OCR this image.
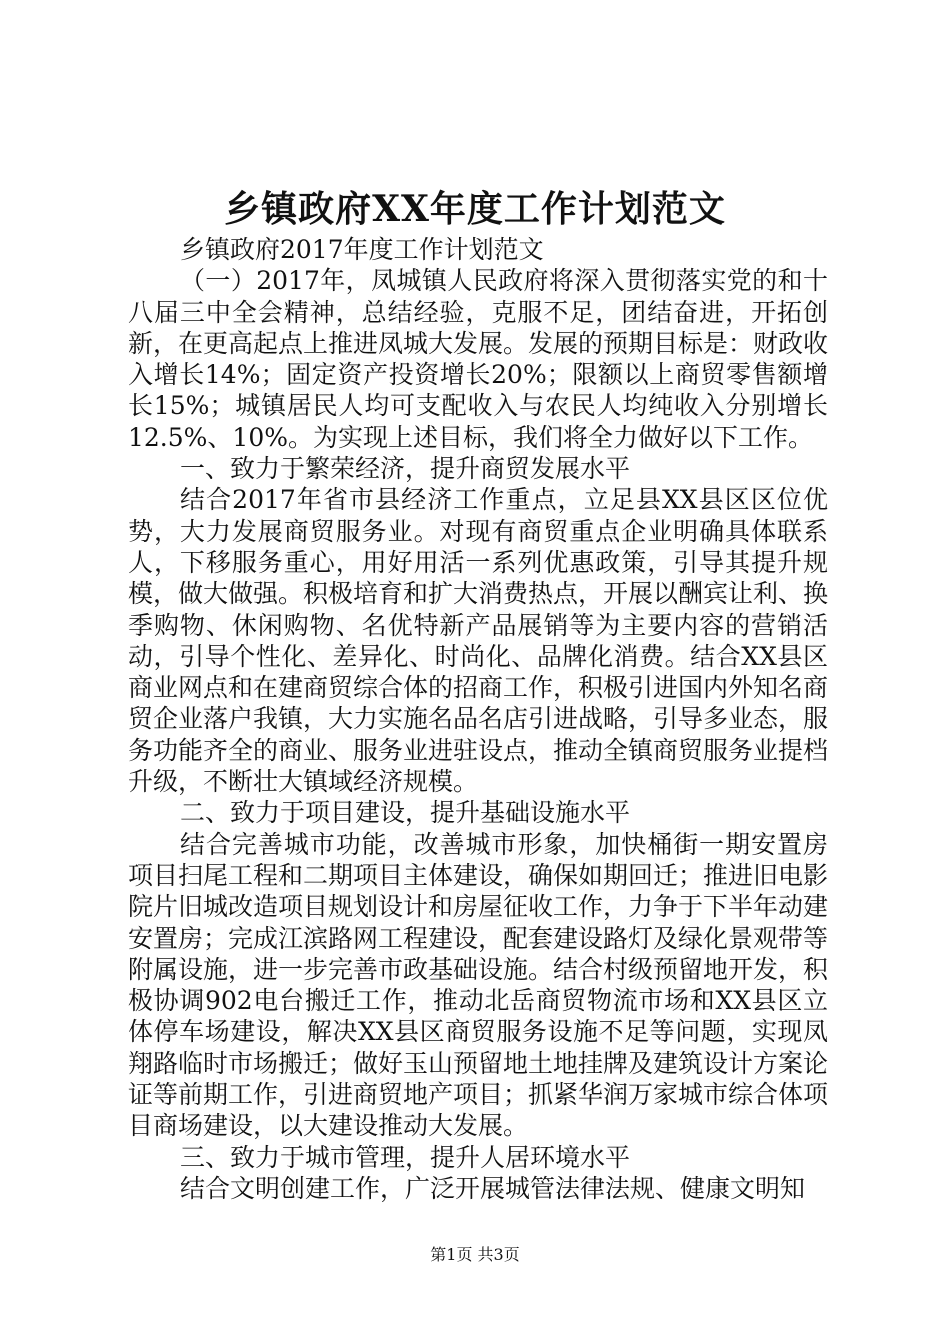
乡镇政府XX年度工作计划范文

乡镇政府2017年度工作计划范文

（一）2017年，凤城镇人民政府将深入贯彻落实党的和十八届三中全会精神，总结经验，克服不足，团结奋进，开拓创新，在更高起点上推进凤城大发展。发展的预期目标是：财政收入增长14%；固定资产投资增长20%；限额以上商贸零售额增长15%；城镇居民人均可支配收入与农民人均纯收入分别增长12.5%、10%。为实现上述目标，我们将全力做好以下工作。

一、致力于繁荣经济，提升商贸发展水平

结合2017年省市县经济工作重点，立足县XX县区区位优势，大力发展商贸服务业。对现有商贸重点企业明确具体联系人，下移服务重心，用好用活一系列优惠政策，引导其提升规模，做大做强。积极培育和扩大消费热点，开展以酬宾让利、换季购物、休闲购物、名优特新产品展销等为主要内容的营销活动，引导个性化、差异化、时尚化、品牌化消费。结合XX县区商业网点和在建商贸综合体的招商工作，积极引进国内外知名商贸企业落户我镇，大力实施名品名店引进战略，引导多业态，服务功能齐全的商业、服务业进驻设点，推动全镇商贸服务业提档升级，不断壮大镇域经济规模。

二、致力于项目建设，提升基础设施水平

结合完善城市功能，改善城市形象，加快桶街一期安置房项目扫尾工程和二期项目主体建设，确保如期回迁；推进旧电影院片旧城改造项目规划设计和房屋征收工作，力争于下半年动建安置房；完成江滨路网工程建设，配套建设路灯及绿化景观带等附属设施，进一步完善市政基础设施。结合村级预留地开发，积极协调902电台搬迁工作，推动北岳商贸物流市场和XX县区立体停车场建设，解决XX县区商贸服务设施不足等问题，实现凤翔路临时市场搬迁；做好玉山预留地土地挂牌及建筑设计方案论证等前期工作，引进商贸地产项目；抓紧华润万家城市综合体项目商场建设，以大建设推动大发展。

三、致力于城市管理，提升人居环境水平

结合文明创建工作，广泛开展城管法律法规、健康文明知

第1页 共3页
